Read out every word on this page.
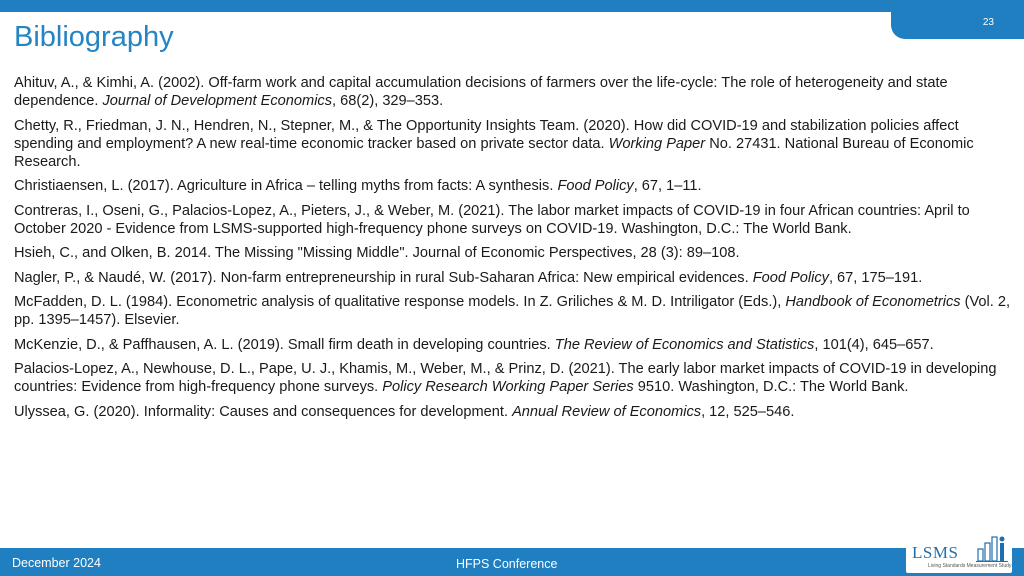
23
Bibliography

Ahituv, A., & Kimhi, A. (2002). Off-farm work and capital accumulation decisions of farmers over the life-cycle: The role of heterogeneity and state dependence. Journal of Development Economics, 68(2), 329–353.

Chetty, R., Friedman, J. N., Hendren, N., Stepner, M., & The Opportunity Insights Team. (2020). How did COVID-19 and stabilization policies affect spending and employment? A new real-time economic tracker based on private sector data. Working Paper No. 27431. National Bureau of Economic Research.

Christiaensen, L. (2017). Agriculture in Africa – telling myths from facts: A synthesis. Food Policy, 67, 1–11.

Contreras, I., Oseni, G., Palacios-Lopez, A., Pieters, J., & Weber, M. (2021). The labor market impacts of COVID-19 in four African countries: April to October 2020 - Evidence from LSMS-supported high-frequency phone surveys on COVID-19. Washington, D.C.: The World Bank.

Hsieh, C., and Olken, B. 2014. The Missing "Missing Middle". Journal of Economic Perspectives, 28 (3): 89–108.

Nagler, P., & Naudé, W. (2017). Non-farm entrepreneurship in rural Sub-Saharan Africa: New empirical evidences. Food Policy, 67, 175–191.

McFadden, D. L. (1984). Econometric analysis of qualitative response models. In Z. Griliches & M. D. Intriligator (Eds.), Handbook of Econometrics (Vol. 2, pp. 1395–1457). Elsevier.

McKenzie, D., & Paffhausen, A. L. (2019). Small firm death in developing countries. The Review of Economics and Statistics, 101(4), 645–657.

Palacios-Lopez, A., Newhouse, D. L., Pape, U. J., Khamis, M., Weber, M., & Prinz, D. (2021). The early labor market impacts of COVID-19 in developing countries: Evidence from high-frequency phone surveys. Policy Research Working Paper Series 9510. Washington, D.C.: The World Bank.

Ulyssea, G. (2020). Informality: Causes and consequences for development. Annual Review of Economics, 12, 525–546.

December 2024	HFPS Conference
LSMS
Living Standards Measurement Study
